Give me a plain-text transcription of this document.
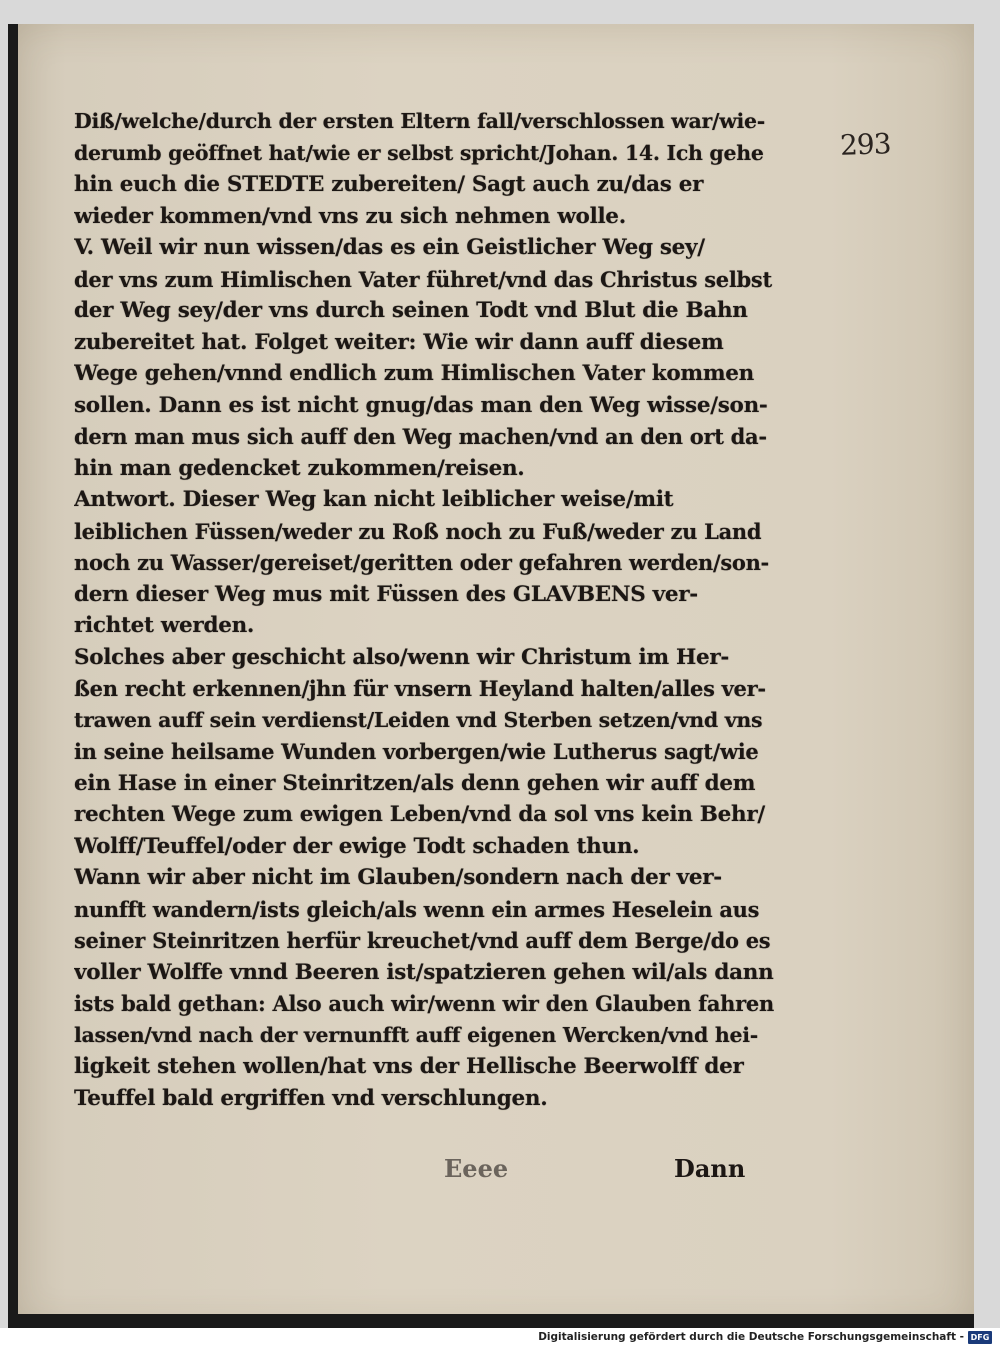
293

Diß/welche/durch der ersten Eltern fall/verschlossen war/wie-
derumb geöffnet hat/wie er selbst spricht/Johan. 14. Ich gehe
hin euch die STEDTE zubereiten/ Sagt auch zu/das er
wieder kommen/vnd vns zu sich nehmen wolle.
V. Weil wir nun wissen/das es ein Geistlicher Weg sey/
der vns zum Himlischen Vater führet/vnd das Christus selbst
der Weg sey/der vns durch seinen Todt vnd Blut die Bahn
zubereitet hat. Folget weiter: Wie wir dann auff diesem
Wege gehen/vnnd endlich zum Himlischen Vater kommen
sollen. Dann es ist nicht gnug/das man den Weg wisse/son-
dern man mus sich auff den Weg machen/vnd an den ort da-
hin man gedencket zukommen/reisen.
Antwort. Dieser Weg kan nicht leiblicher weise/mit
leiblichen Füssen/weder zu Roß noch zu Fuß/weder zu Land
noch zu Wasser/gereiset/geritten oder gefahren werden/son-
dern dieser Weg mus mit Füssen des GLAVBENS ver-
richtet werden.
Solches aber geschicht also/wenn wir Christum im Her-
ßen recht erkennen/jhn für vnsern Heyland halten/alles ver-
trawen auff sein verdienst/Leiden vnd Sterben setzen/vnd vns
in seine heilsame Wunden vorbergen/wie Lutherus sagt/wie
ein Hase in einer Steinritzen/als denn gehen wir auff dem
rechten Wege zum ewigen Leben/vnd da sol vns kein Behr/
Wolff/Teuffel/oder der ewige Todt schaden thun.
Wann wir aber nicht im Glauben/sondern nach der ver-
nunfft wandern/ists gleich/als wenn ein armes Heselein aus
seiner Steinritzen herfür kreuchet/vnd auff dem Berge/do es
voller Wolffe vnnd Beeren ist/spatzieren gehen wil/als dann
ists bald gethan: Also auch wir/wenn wir den Glauben fahren
lassen/vnd nach der vernunfft auff eigenen Wercken/vnd hei-
ligkeit stehen wollen/hat vns der Hellische Beerwolff der
Teuffel bald ergriffen vnd verschlungen.

Eeee	Dann

Digitalisierung gefördert durch die Deutsche Forschungsgemeinschaft - DFG
